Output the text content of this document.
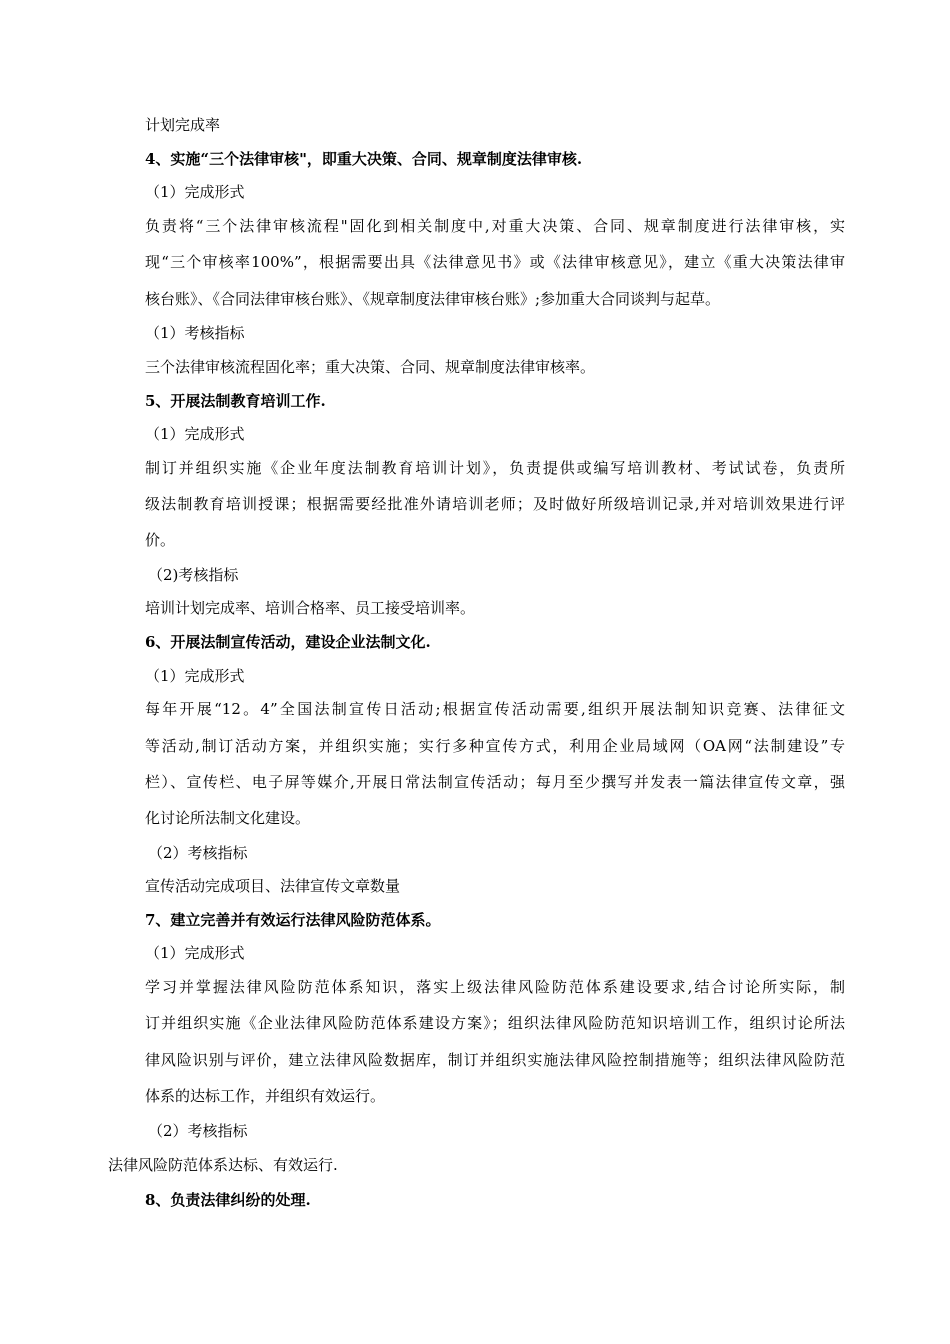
计划完成率

4、实施“三个法律审核"，即重大决策、合同、规章制度法律审核.

（1）完成形式

负责将“三个法律审核流程"固化到相关制度中,对重大决策、合同、规章制度进行法律审核，实

现“三个审核率100%”，根据需要出具《法律意见书》或《法律审核意见》，建立《重大决策法律审

核台账》、《合同法律审核台账》、《规章制度法律审核台账》;参加重大合同谈判与起草。

（1）考核指标

三个法律审核流程固化率；重大决策、合同、规章制度法律审核率。

5、开展法制教育培训工作.

（1）完成形式

制订并组织实施《企业年度法制教育培训计划》，负责提供或编写培训教材、考试试卷，负责所

级法制教育培训授课；根据需要经批准外请培训老师；及时做好所级培训记录,并对培训效果进行评

价。

（2)考核指标

培训计划完成率、培训合格率、员工接受培训率。

6、开展法制宣传活动，建设企业法制文化.

（1）完成形式

每年开展“12。4”全国法制宣传日活动;根据宣传活动需要,组织开展法制知识竞赛、法律征文

等活动,制订活动方案，并组织实施；实行多种宣传方式，利用企业局域网（OA网“法制建设”专

栏）、宣传栏、电子屏等媒介,开展日常法制宣传活动；每月至少撰写并发表一篇法律宣传文章，强

化讨论所法制文化建设。

（2）考核指标

宣传活动完成项目、法律宣传文章数量

7、建立完善并有效运行法律风险防范体系。

（1）完成形式

学习并掌握法律风险防范体系知识，落实上级法律风险防范体系建设要求,结合讨论所实际，制

订并组织实施《企业法律风险防范体系建设方案》；组织法律风险防范知识培训工作，组织讨论所法

律风险识别与评价，建立法律风险数据库，制订并组织实施法律风险控制措施等；组织法律风险防范

体系的达标工作，并组织有效运行。

（2）考核指标

法律风险防范体系达标、有效运行.

8、负责法律纠纷的处理.
